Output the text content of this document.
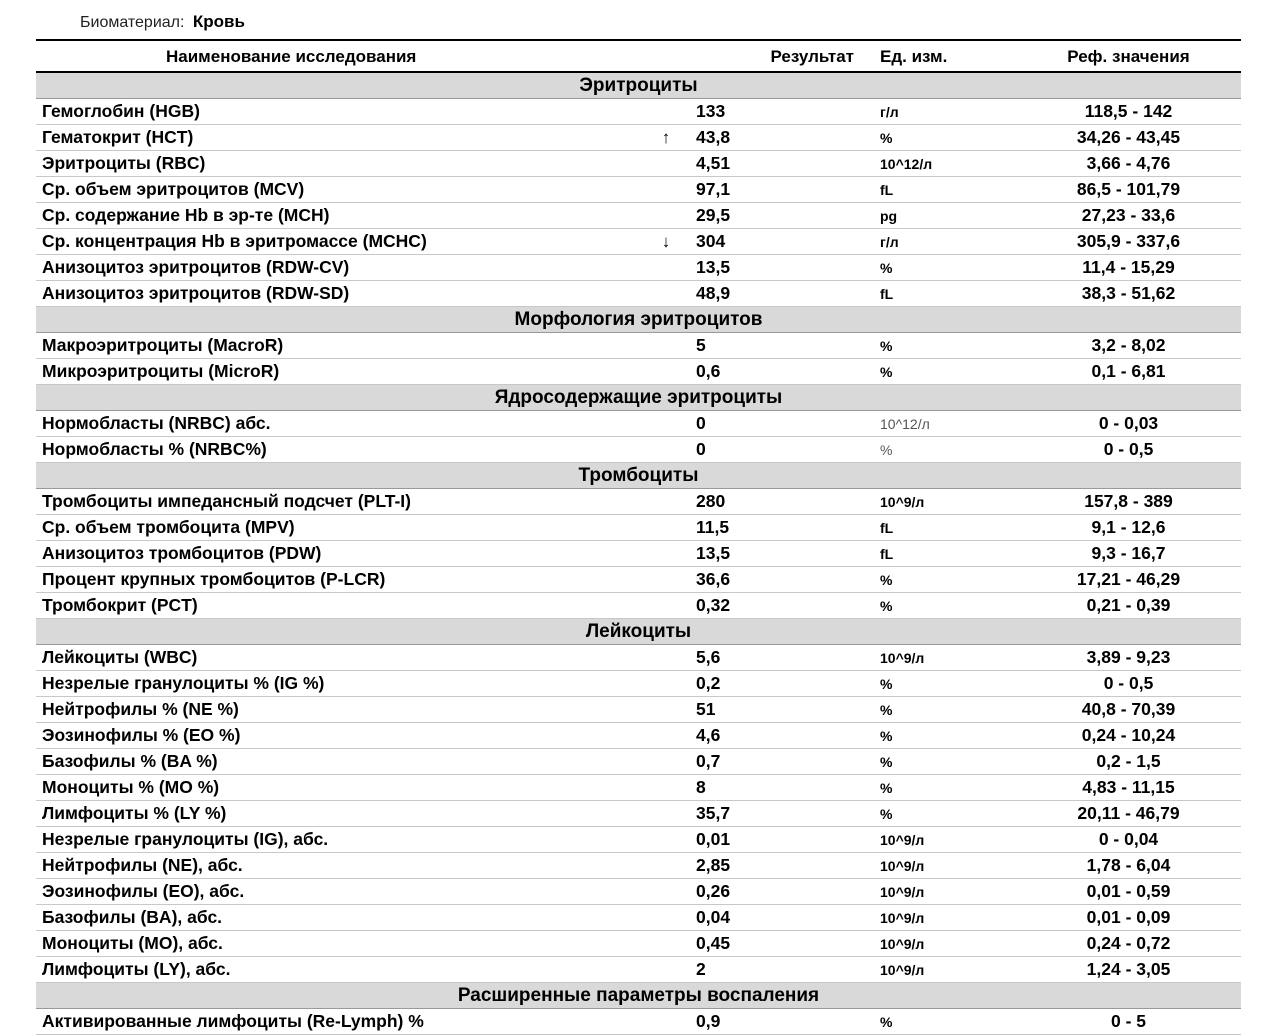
Биоматериал: Кровь
Наименование исследования		Результат	Ед. изм.	Реф. значения
Эритроциты				
Гемоглобин (HGB)		133	г/л	118,5 - 142
Гематокрит (HCT)	↑	43,8	%	34,26 - 43,45
Эритроциты (RBC)		4,51	10^12/л	3,66 - 4,76
Ср. объем эритроцитов (MCV)		97,1	fL	86,5 - 101,79
Ср. содержание Hb в эр-те (MCH)		29,5	pg	27,23 - 33,6
Ср. концентрация Hb в эритромассе (MCHC)	↓	304	г/л	305,9 - 337,6
Анизоцитоз эритроцитов (RDW-CV)		13,5	%	11,4 - 15,29
Анизоцитоз эритроцитов (RDW-SD)		48,9	fL	38,3 - 51,62
Морфология эритроцитов				
Макроэритроциты (MacroR)		5	%	3,2 - 8,02
Микроэритроциты (MicroR)		0,6	%	0,1 - 6,81
Ядросодержащие эритроциты				
Нормобласты (NRBC) абс.		0	10^12/л	0 - 0,03
Нормобласты % (NRBC%)		0	%	0 - 0,5
Тромбоциты				
Тромбоциты импедансный подсчет (PLT-I)		280	10^9/л	157,8 - 389
Ср. объем тромбоцита (MPV)		11,5	fL	9,1 - 12,6
Анизоцитоз тромбоцитов (PDW)		13,5	fL	9,3 - 16,7
Процент крупных тромбоцитов (P-LCR)		36,6	%	17,21 - 46,29
Тромбокрит (PCT)		0,32	%	0,21 - 0,39
Лейкоциты				
Лейкоциты (WBC)		5,6	10^9/л	3,89 - 9,23
Незрелые гранулоциты % (IG %)		0,2	%	0 - 0,5
Нейтрофилы % (NE %)		51	%	40,8 - 70,39
Эозинофилы % (EO %)		4,6	%	0,24 - 10,24
Базофилы % (BA %)		0,7	%	0,2 - 1,5
Моноциты % (MO %)		8	%	4,83 - 11,15
Лимфоциты % (LY %)		35,7	%	20,11 - 46,79
Незрелые гранулоциты (IG), абс.		0,01	10^9/л	0 - 0,04
Нейтрофилы (NE), абс.		2,85	10^9/л	1,78 - 6,04
Эозинофилы (EO), абс.		0,26	10^9/л	0,01 - 0,59
Базофилы (BA), абс.		0,04	10^9/л	0,01 - 0,09
Моноциты (MO), абс.		0,45	10^9/л	0,24 - 0,72
Лимфоциты (LY), абс.		2	10^9/л	1,24 - 3,05
Расширенные параметры воспаления				
Активированные лимфоциты (Re-Lymph) %		0,9	%	0 - 5
